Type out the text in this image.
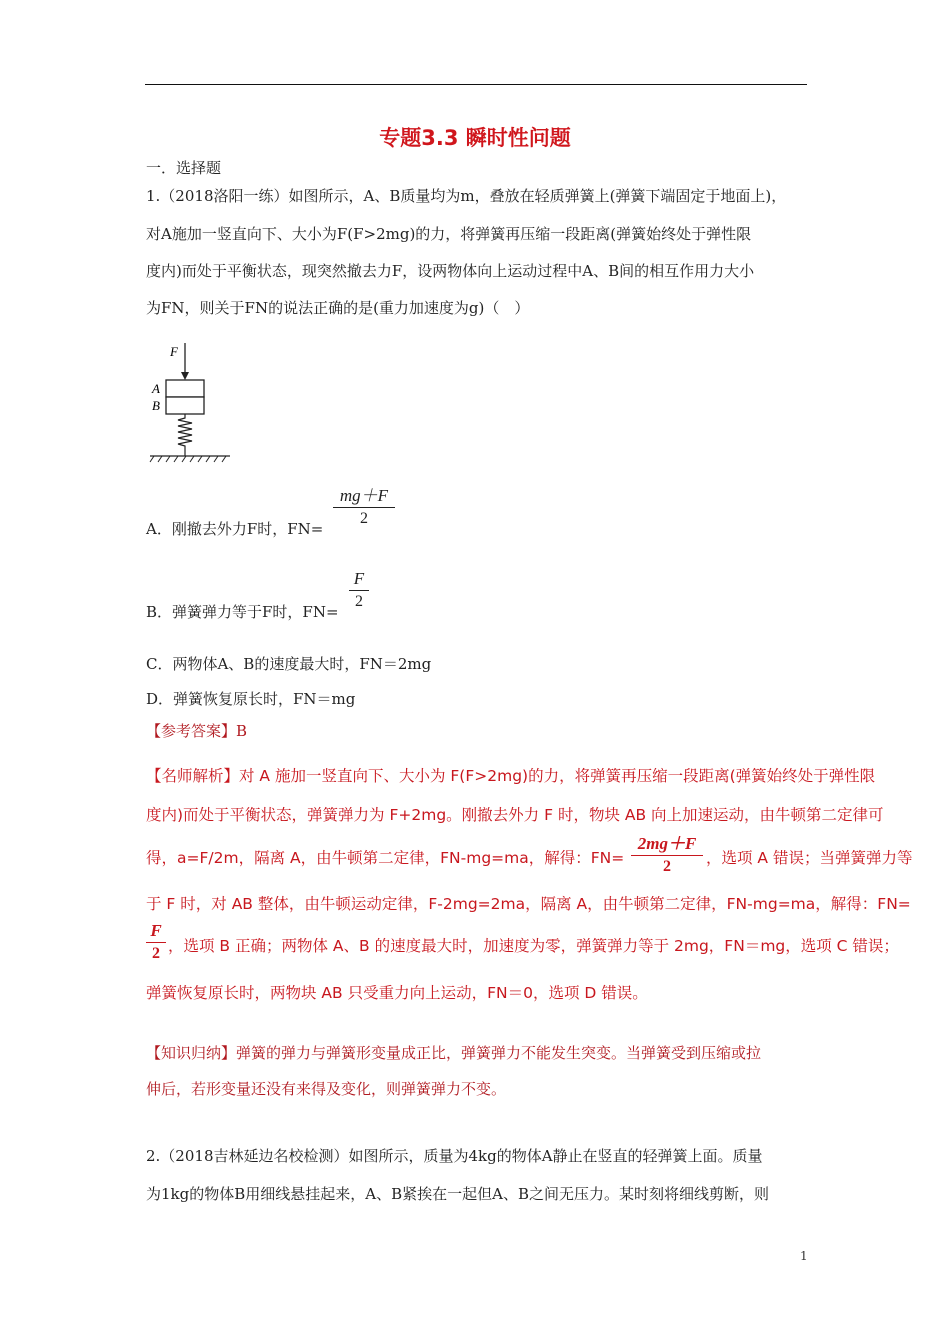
专题3.3 瞬时性问题
一．选择题
1.（2018洛阳一练）如图所示，A、B质量均为m，叠放在轻质弹簧上(弹簧下端固定于地面上)，
对A施加一竖直向下、大小为F(F>2mg)的力，将弹簧再压缩一段距离(弹簧始终处于弹性限
度内)而处于平衡状态，现突然撤去力F，设两物体向上运动过程中A、B间的相互作用力大小
为FN，则关于FN的说法正确的是(重力加速度为g)（　）
F
A
B
A．刚撤去外力F时，FN=
mg＋F
2
B．弹簧弹力等于F时，FN=
F
2
C．两物体A、B的速度最大时，FN＝2mg
D．弹簧恢复原长时，FN＝mg
【参考答案】B
【名师解析】对 A 施加一竖直向下、大小为 F(F>2mg)的力，将弹簧再压缩一段距离(弹簧始终处于弹性限
度内)而处于平衡状态，弹簧弹力为 F+2mg。刚撤去外力 F 时，物块 AB 向上加速运动，由牛顿第二定律可
得，a=F/2m，隔离 A，由牛顿第二定律，FN-mg=ma，解得：FN=
2mg＋F
2	，选项 A 错误；当弹簧弹力等
于 F 时，对 AB 整体，由牛顿运动定律，F-2mg=2ma，隔离 A，由牛顿第二定律，FN-mg=ma，解得：FN=
F
2 ，选项 B 正确；两物体 A、B 的速度最大时，加速度为零，弹簧弹力等于 2mg，FN＝mg，选项 C 错误；
弹簧恢复原长时，两物块 AB 只受重力向上运动，FN＝0，选项 D 错误。
【知识归纳】弹簧的弹力与弹簧形变量成正比，弹簧弹力不能发生突变。当弹簧受到压缩或拉
伸后，若形变量还没有来得及变化，则弹簧弹力不变。
2.（2018吉林延边名校检测）如图所示，质量为4kg的物体A静止在竖直的轻弹簧上面。质量
为1kg的物体B用细线悬挂起来，A、B紧挨在一起但A、B之间无压力。某时刻将细线剪断，则
1
